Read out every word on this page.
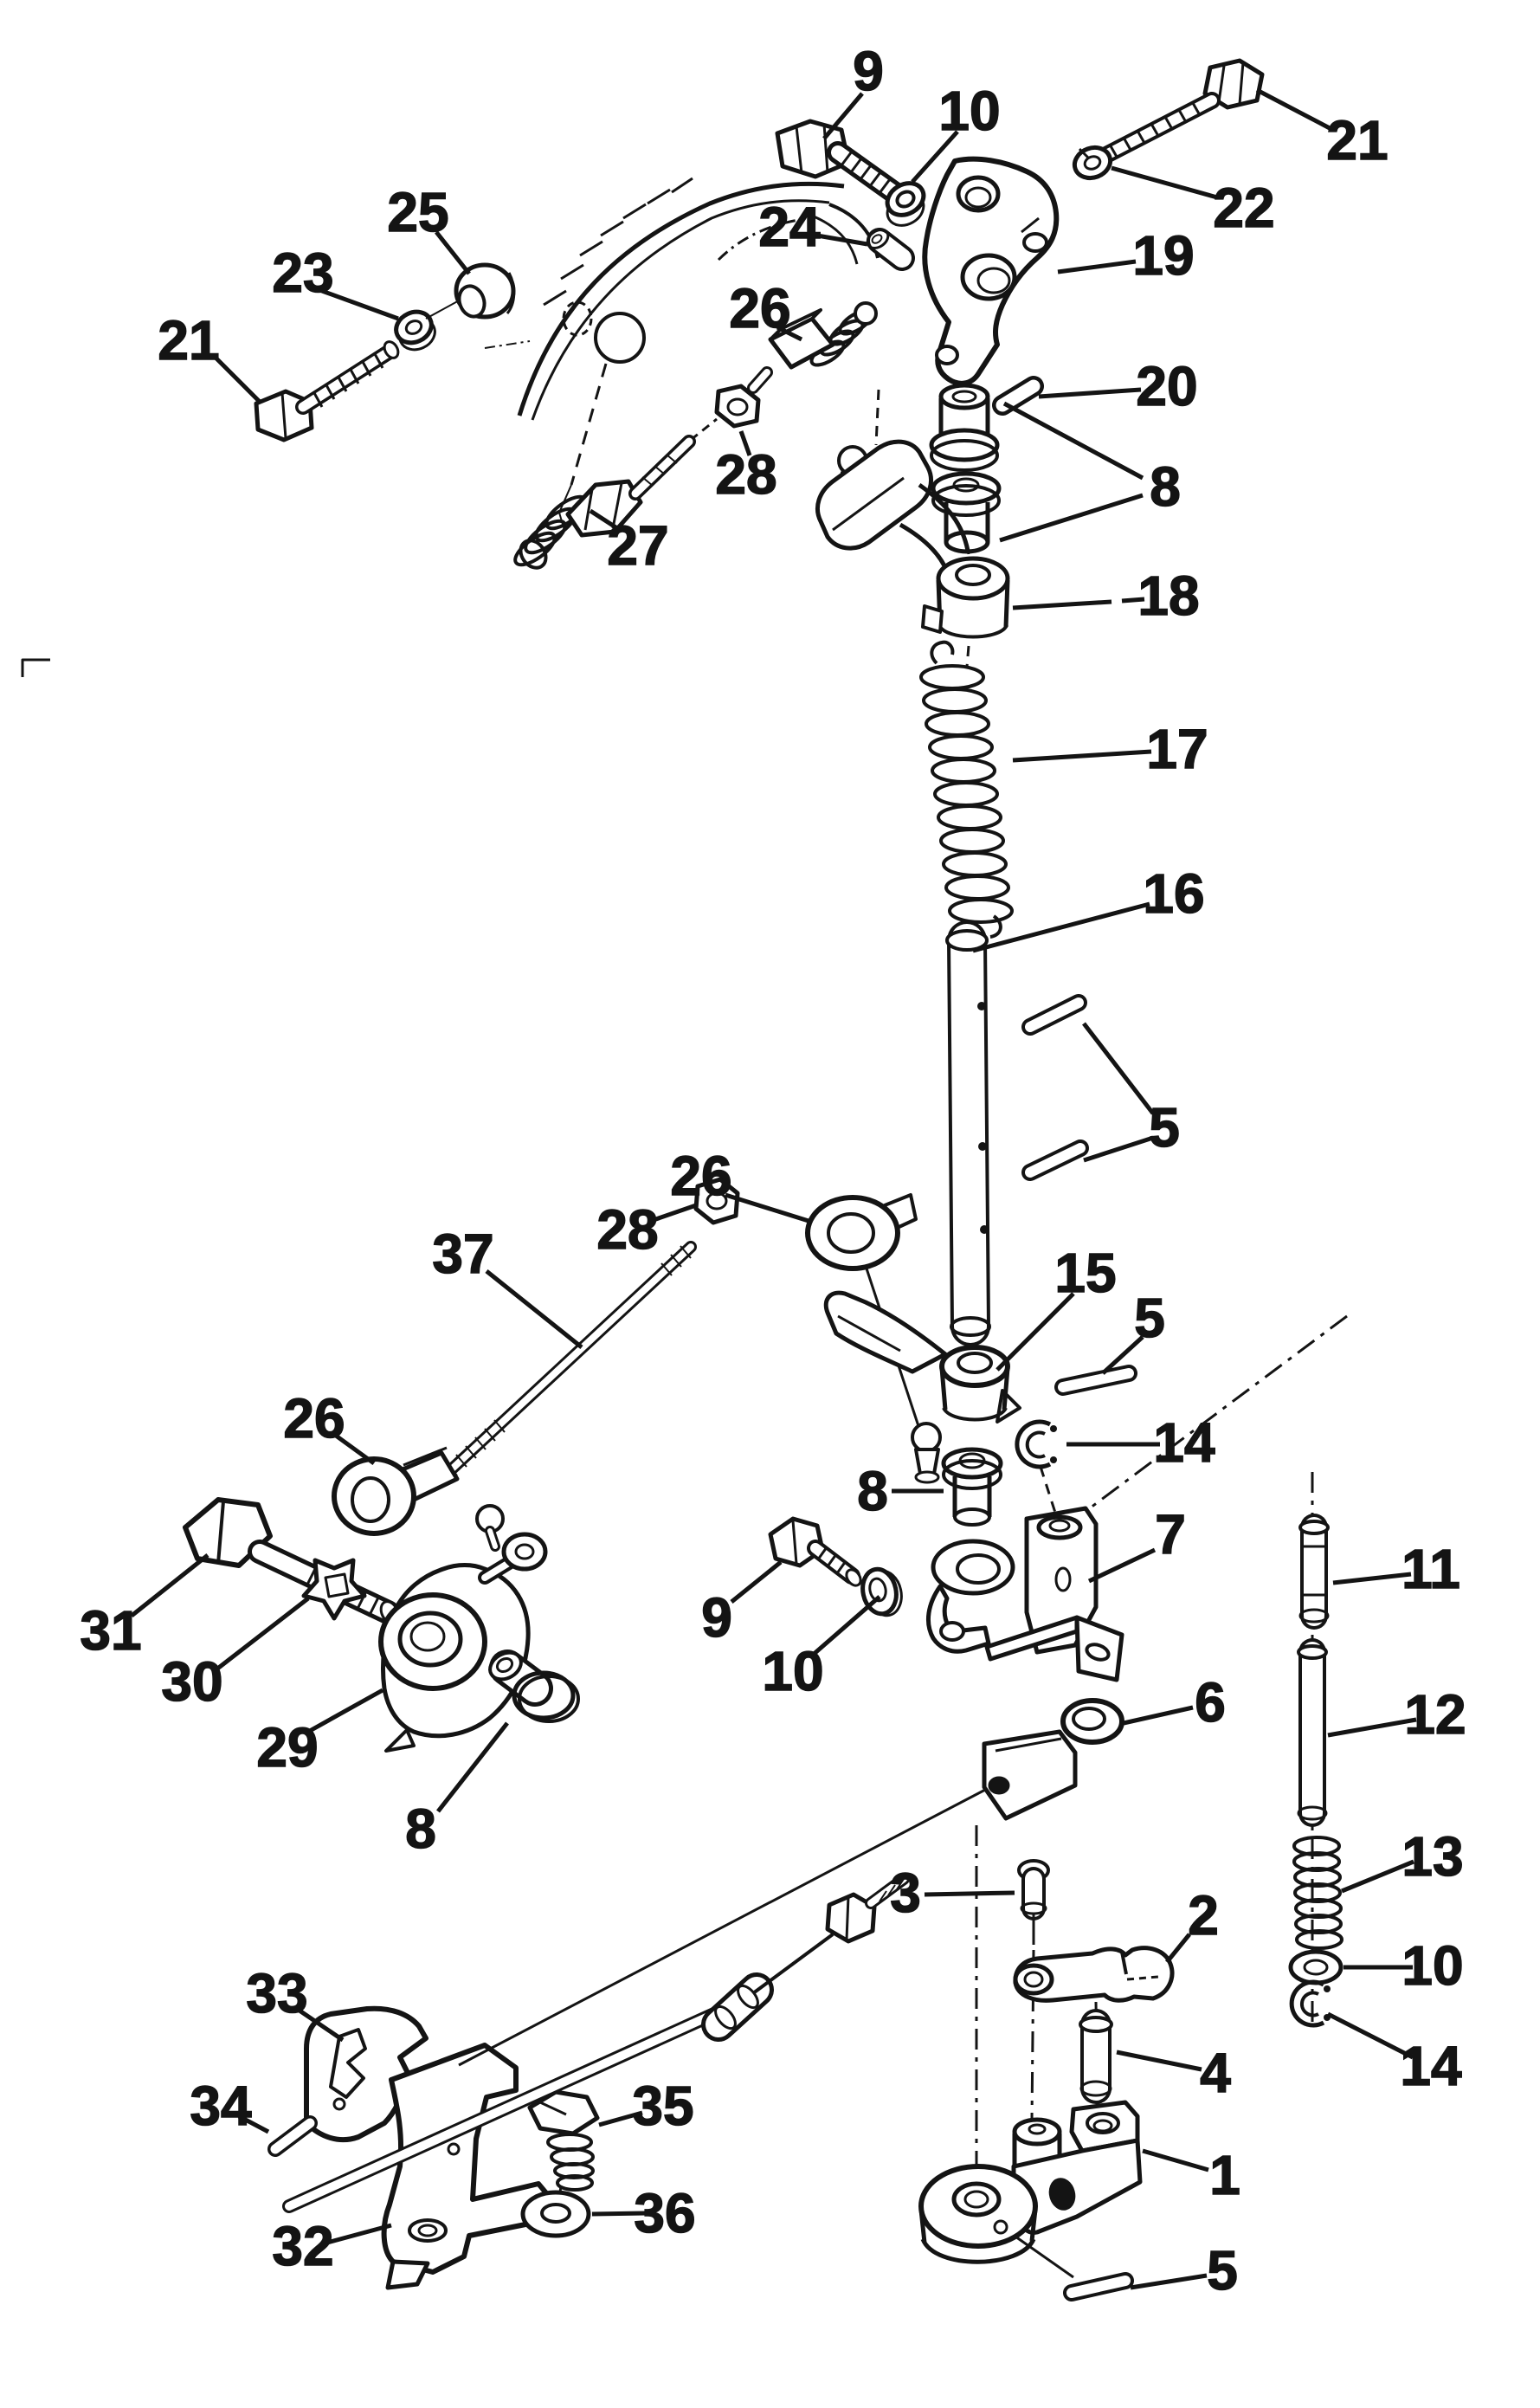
9
10	21
22
25	24	19
23
26
21
20
28	8
27
18
17
16
5
26
28
37	15
5
14
26
8
7
9
10
11
12
29
30
31
13
6
10
3	2
14
33
4
34	35
1
36
32	5
8
